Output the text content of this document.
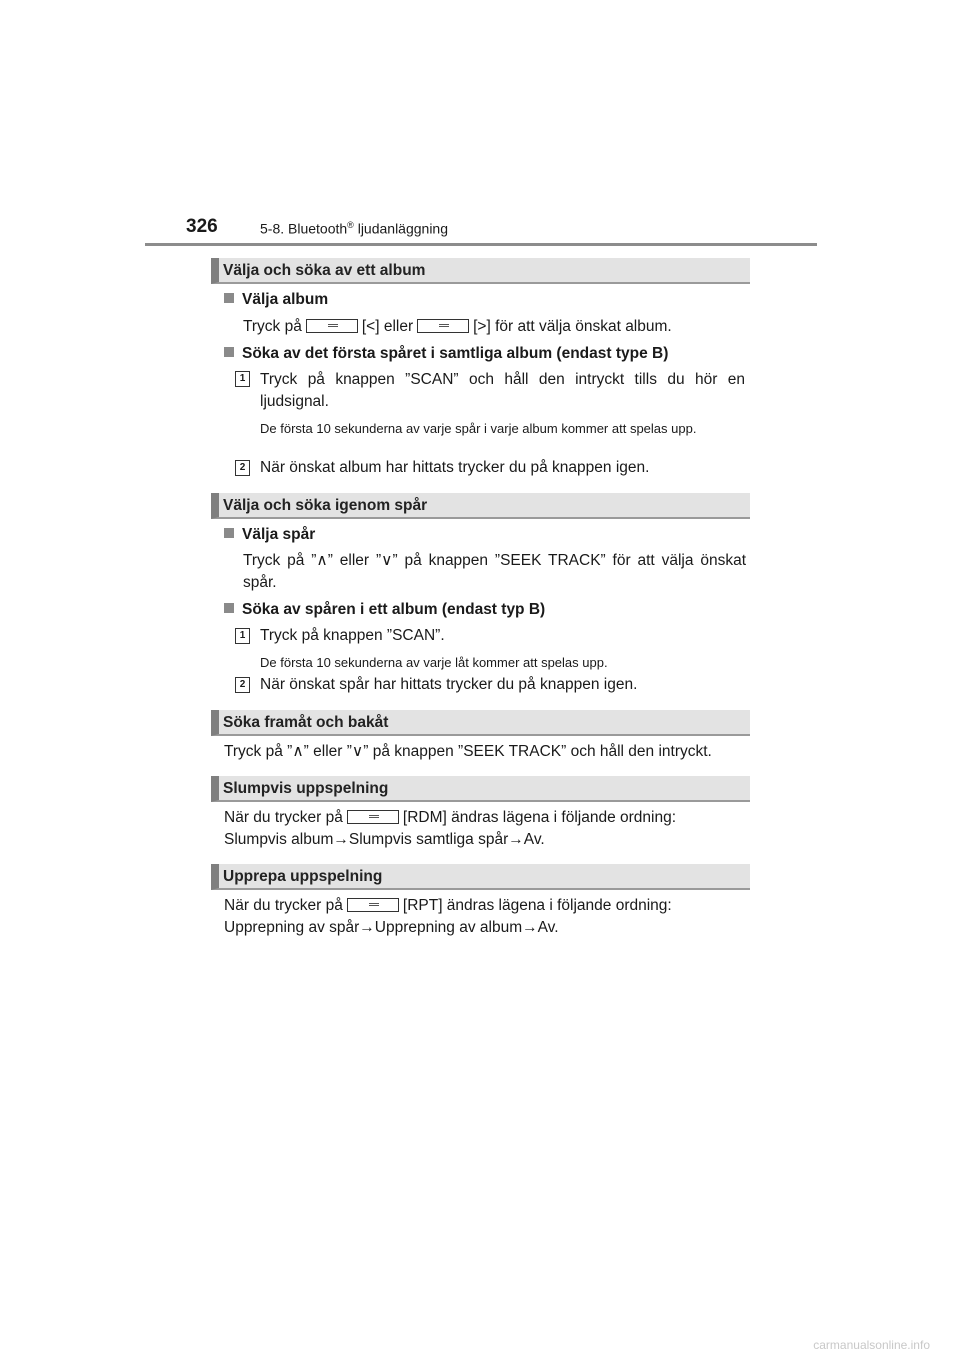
326	5-8. Bluetooth® ljudanläggning
Välja och söka av ett album
Välja album
Tryck på	[<] eller	[>] för att välja önskat album.
Söka av det första spåret i samtliga album (endast type B)
1 Tryck på knappen ”SCAN” och håll den intryckt tills du hör en ljudsignal.
De första 10 sekunderna av varje spår i varje album kommer att spelas upp.
2 När önskat album har hittats trycker du på knappen igen.
Välja och söka igenom spår
Välja spår
Tryck på ”∧” eller ”∨” på knappen ”SEEK TRACK” för att välja önskat spår.
Söka av spåren i ett album (endast typ B)
1 Tryck på knappen ”SCAN”.
De första 10 sekunderna av varje låt kommer att spelas upp.
2 När önskat spår har hittats trycker du på knappen igen.
Söka framåt och bakåt
Tryck på ”∧” eller ”∨” på knappen ”SEEK TRACK” och håll den intryckt.
Slumpvis uppspelning
När du trycker på	[RDM] ändras lägena i följande ordning:
Slumpvis album→Slumpvis samtliga spår→Av.
Upprepa uppspelning
När du trycker på	[RPT] ändras lägena i följande ordning:
Upprepning av spår→Upprepning av album→Av.
carmanualsonline.info
